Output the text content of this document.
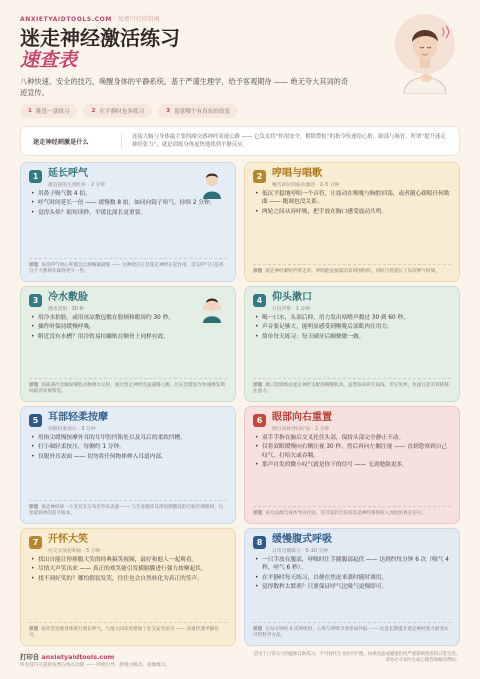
ANXIETYAIDTOOLS.COM · 免费可打印指南
迷走神经激活练习
速查表
八种快速、安全的技巧，唤醒身体的平静系统。基于严谨生理学，给予客观期待 —— 绝无夸大其词的奇迹宣传。
1 挑选一款练习	2 在平静时也多练习	3 留意哪个有真实的改变
迷走神经刺激是什么
连接大脑与身体最主要的副交感神经高速公路 —— 它负责将“你很安全，解除警报”的指令传递给心脏、肺部与肠胃。所谓“提升迷走神经张力”，就是训练身体更快地找到平静反应。
1 延长呼气
最直接的生理杠杆 · 2 分钟
• 用鼻子吸气数 4 拍。
• 呼气时间延长一倍 —— 缓慢数 8 拍，如同向镜子哈气。持续 2 分钟。
• 觉得头晕？缩短读秒，平缓比深长更重要。
原理 每次呼气时心率都会自然略微减慢 —— 这种效应正是迷走神经在起作用。延长呼气只是将这个天然刹车踩得更久一些。
2 哼唱与唱歌
喉舌部位的振动激活 · 2–5 分钟
• 低沉平稳地哼唱一个音符，让震动在喉咙与胸腔回荡，或者随心跟唱任何歌曲 —— 跑调也没关系。
• 两轮之间从容呼吸，把手放在胸口感受震动共鸣。
原理 迷走神经紧贴声带走形。哼唱能直接震动其周围组织，同时自然延长了每次呼气时间。
3 冷水敷脸
潜水反射 · 30 秒
• 用冷水拍脸，或用冰凉敷包敷在脸颊和眼周约 30 秒。
• 操作时保持缓慢呼吸。
• 附近没有水槽？用冷饮易拉罐贴在额骨上同样有效。
原理 面部遇冷会触发哺乳动物潜水反射，通过迷走神经迅速减慢心跳。这在恐慌发作快速爆发期间最容易被察觉。
4 仰头漱口
开启声带 · 1 分钟
• 喝一口水，头部后仰，用力发出咕噜声数过 30 到 60 秒。
• 声音要足够大，能明显感受到喉咙后部肌肉在用力。
• 简单每天练习：每天刷牙后顺便做一做。
原理 漱口能锻炼由迷走神经支配的咽喉肌肉。虽然临床研究尚浅，但它免费、快速且能有效转移注意力。
5 耳部轻柔按摩
仅限轻柔按压 · 3 分钟
• 用指尖缓慢按摩外耳的耳甲腔凹陷处以及耳后的柔软凹槽。
• 打小圈轻柔按压，每侧约 1 分钟。
• 仅限外耳表面 —— 切勿将任何物体伸入耳道内部。
原理 迷走神经的一小支耳支分布在外耳表面 —— 与专业级皮耳部电刺激仪的目标区域相同，这里最简单的徒手版本。
6 眼部向右重置
源自身体导向疗法 · 2 分钟
• 双手手指在脑后交叉托住头部，保持头部完全静止不动。
• 仅将双眼缓慢向右侧注视 30 秒，然后再向左侧注视 —— 直到您察到自己叹气、打哈欠或吞咽。
• 那声自发的微小叹气就是你下的信号 —— 无需勉强更多。
原理 该方法源自身体导向疗法，其引发的自发叹息是神经系统转入放松的真实信号。
7 开怀大笑
社交式放松和加 · 5 分钟
• 找出自能让你捧腹大笑的经典搞笑视频，最好和他人一起观看。
• 尽情大声笑出来 —— 真正的欢笑能引发横膈膜进行强力按摩起伏。
• 找不到好笑的？哪怕假装发笑，往往也会自然转化为真正的笑声。
原理 欢笑会迫使身体进行深长呼气，与他人同乐更增加了社交安全信号 —— 双重传递平静信号。
8 缓慢腹式呼吸
日常习惯练习 · 5–10 分钟
• 一只手放在腹部，呼吸时让手随腹部起伏 —— 达到约每分钟 6 次（吸气 4 秒，呼气 6 秒）。
• 在平静时每天练习，以便在焦虑来袭时随时调用。
• 觉得数秒太繁琐？只要保证呼气比吸气更慢即可。
原理 在每分钟约 6 次呼吸时，心率与呼吸节奏形成共振 —— 这是长期提升迷走神经张力最受认可的科学方法。
打印自 anxietyaidtools.com
所有技巧可提供免费在线互动版 —— 呼吸引导、舒缓白噪音、接地练习。
适用于日常压力的温和自助练习，不可替代专业医疗护理。如果焦虑或健康担忧严重影响到您的日常生活，请务必寻求医生或心理咨询师的帮助。
